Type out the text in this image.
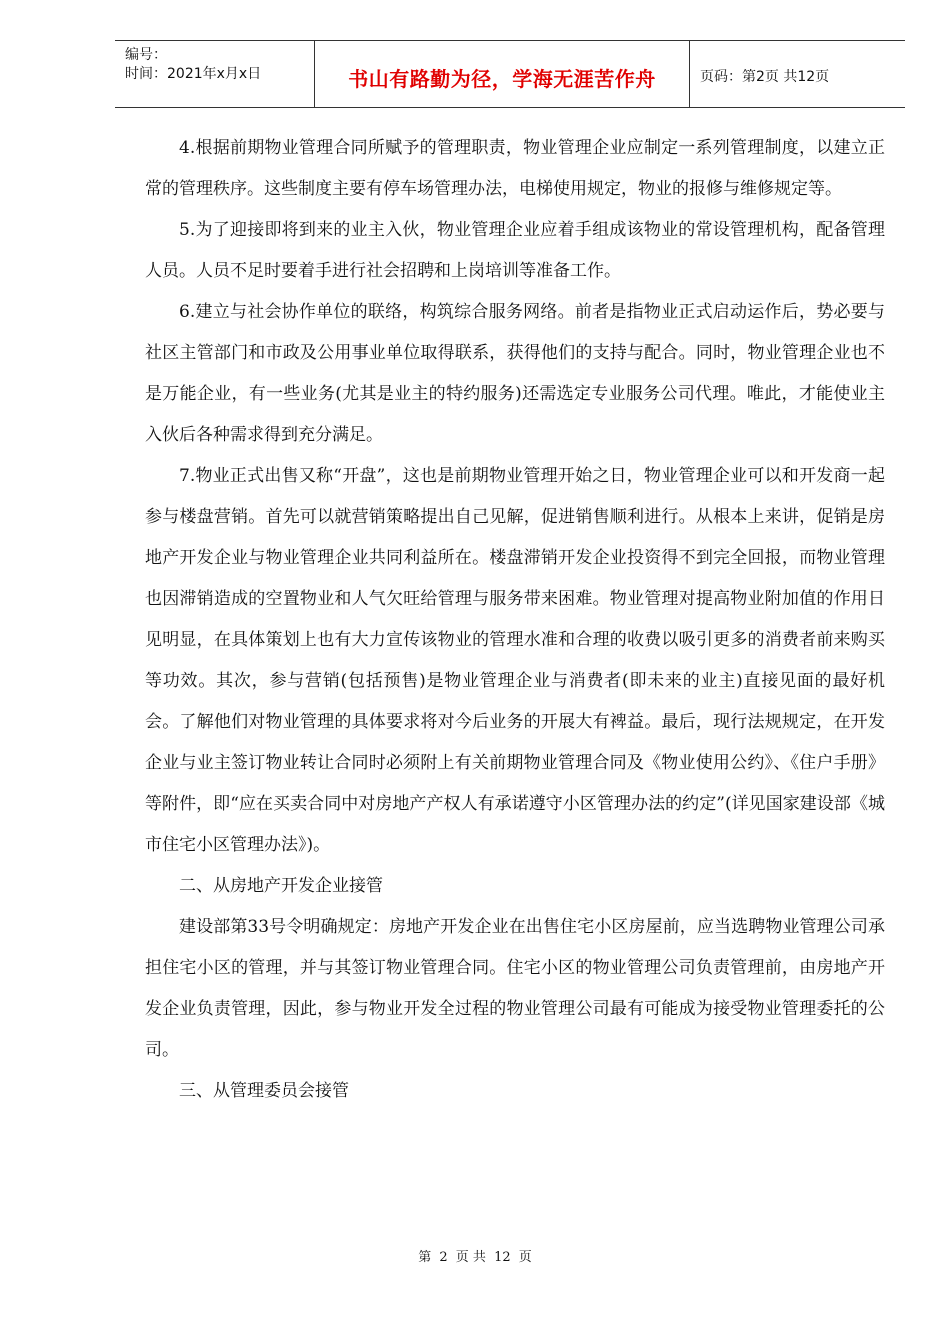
编号：
时间：2021年x月x日	书山有路勤为径，学海无涯苦作舟	页码：第2页 共12页

4.根据前期物业管理合同所赋予的管理职责，物业管理企业应制定一系列管理制度，以建立正常的管理秩序。这些制度主要有停车场管理办法，电梯使用规定，物业的报修与维修规定等。

5.为了迎接即将到来的业主入伙，物业管理企业应着手组成该物业的常设管理机构，配备管理人员。人员不足时要着手进行社会招聘和上岗培训等准备工作。

6.建立与社会协作单位的联络，构筑综合服务网络。前者是指物业正式启动运作后，势必要与社区主管部门和市政及公用事业单位取得联系，获得他们的支持与配合。同时，物业管理企业也不是万能企业，有一些业务(尤其是业主的特约服务)还需选定专业服务公司代理。唯此，才能使业主入伙后各种需求得到充分满足。

7.物业正式出售又称“开盘”，这也是前期物业管理开始之日，物业管理企业可以和开发商一起参与楼盘营销。首先可以就营销策略提出自己见解，促进销售顺利进行。从根本上来讲，促销是房地产开发企业与物业管理企业共同利益所在。楼盘滞销开发企业投资得不到完全回报，而物业管理也因滞销造成的空置物业和人气欠旺给管理与服务带来困难。物业管理对提高物业附加值的作用日见明显，在具体策划上也有大力宣传该物业的管理水准和合理的收费以吸引更多的消费者前来购买等功效。其次，参与营销(包括预售)是物业管理企业与消费者(即未来的业主)直接见面的最好机会。了解他们对物业管理的具体要求将对今后业务的开展大有裨益。最后，现行法规规定，在开发企业与业主签订物业转让合同时必须附上有关前期物业管理合同及《物业使用公约》、《住户手册》等附件，即“应在买卖合同中对房地产产权人有承诺遵守小区管理办法的约定”(详见国家建设部《城市住宅小区管理办法》)。

二、从房地产开发企业接管

建设部第33号令明确规定：房地产开发企业在出售住宅小区房屋前，应当选聘物业管理公司承担住宅小区的管理，并与其签订物业管理合同。住宅小区的物业管理公司负责管理前，由房地产开发企业负责管理，因此，参与物业开发全过程的物业管理公司最有可能成为接受物业管理委托的公司。

三、从管理委员会接管

第 2 页 共 12 页
